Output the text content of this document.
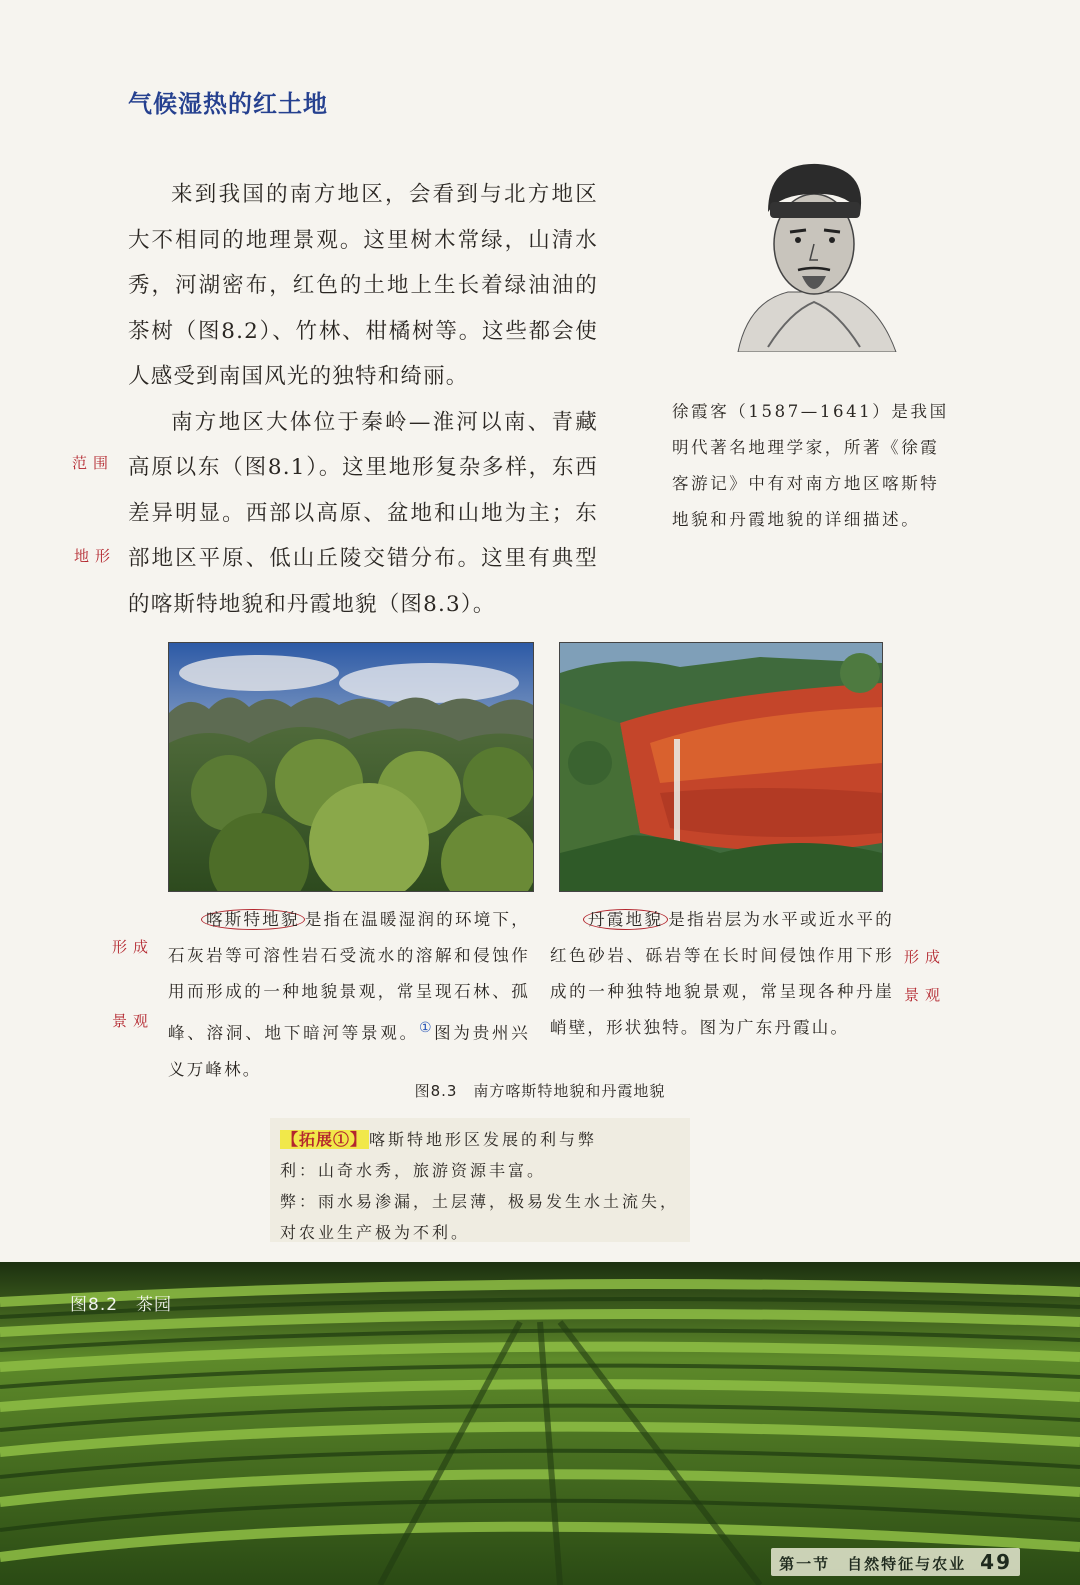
气候湿热的红土地

来到我国的南方地区，会看到与北方地区大不相同的地理景观。这里树木常绿，山清水秀，河湖密布，红色的土地上生长着绿油油的茶树（图8.2）、竹林、柑橘树等。这些都会使人感受到南国风光的独特和绮丽。

南方地区大体位于秦岭—淮河以南、青藏高原以东（图8.1）。这里地形复杂多样，东西差异明显。西部以高原、盆地和山地为主；东部地区平原、低山丘陵交错分布。这里有典型的喀斯特地貌和丹霞地貌（图8.3）。

范围
地形
徐霞客（1587—1641）是我国明代著名地理学家，所著《徐霞客游记》中有对南方地区喀斯特地貌和丹霞地貌的详细描述。
形成
景观
喀斯特地貌 是指在温暖湿润的环境下，石灰岩等可溶性岩石受流水的溶解和侵蚀作用而形成的一种地貌景观，常呈现石林、孤峰、溶洞、地下暗河等景观。①图为贵州兴义万峰林。
丹霞地貌 是指岩层为水平或近水平的红色砂岩、砾岩等在长时间侵蚀作用下形成的一种独特地貌景观，常呈现各种丹崖峭壁，形状独特。图为广东丹霞山。
形成
景观
图8.3　南方喀斯特地貌和丹霞地貌
【拓展①】 喀斯特地形区发展的利与弊
利：山奇水秀，旅游资源丰富。
弊：雨水易渗漏，土层薄，极易发生水土流失，对农业生产极为不利。
图8.2　茶园
第一节　自然特征与农业 49
